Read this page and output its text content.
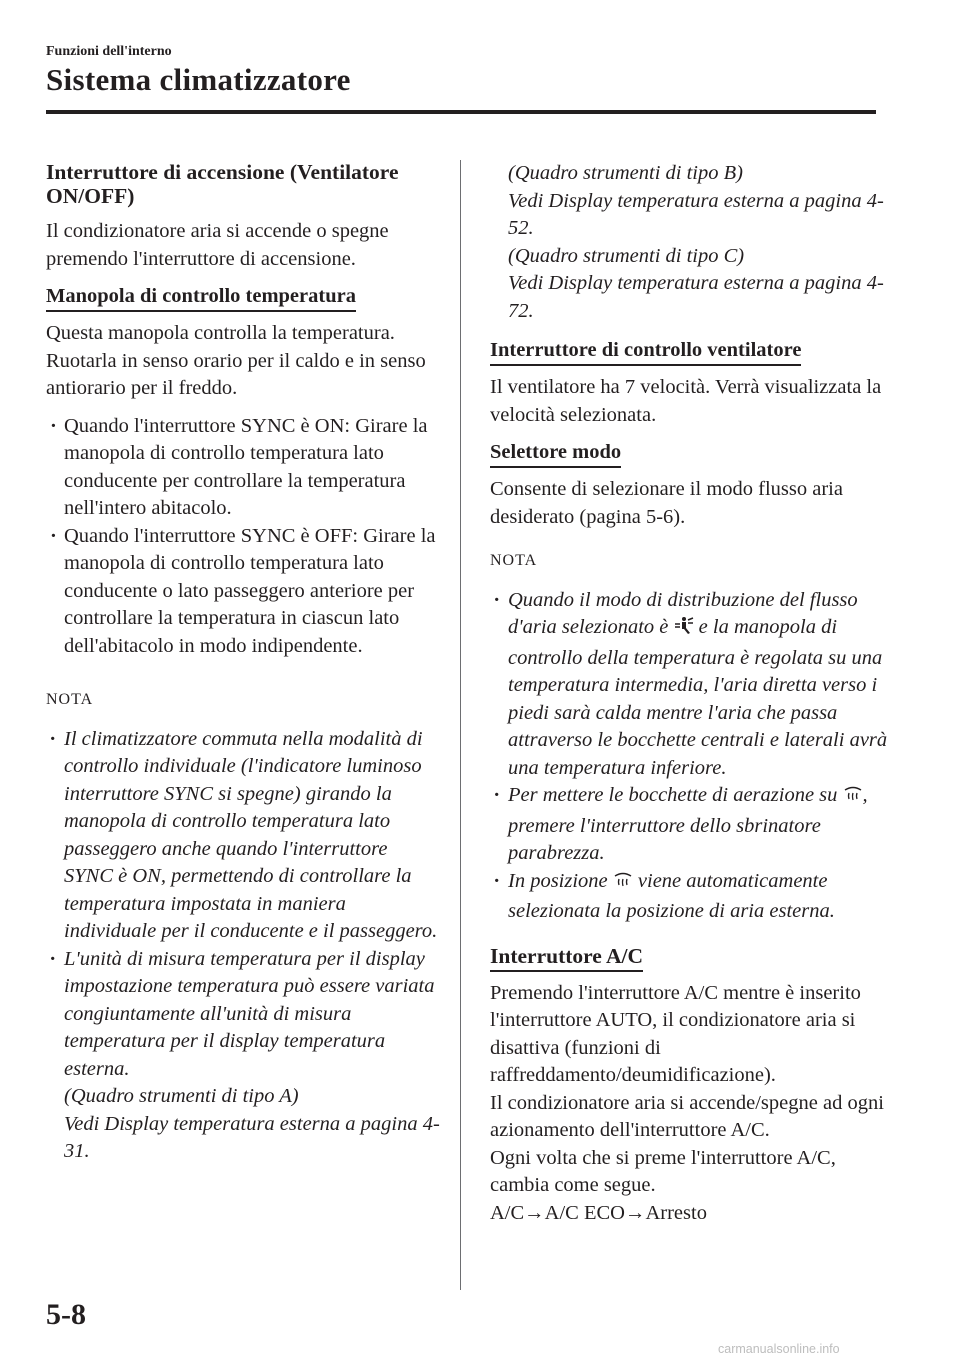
Funzioni dell'interno
Sistema climatizzatore
Interruttore di accensione (Ventilatore ON/OFF)

Il condizionatore aria si accende o spegne premendo l'interruttore di accensione.

Manopola di controllo temperatura

Questa manopola controlla la temperatura. Ruotarla in senso orario per il caldo e in senso antiorario per il freddo.

· Quando l'interruttore SYNC è ON: Girare la manopola di controllo temperatura lato conducente per controllare la temperatura nell'intero abitacolo.
· Quando l'interruttore SYNC è OFF: Girare la manopola di controllo temperatura lato conducente o lato passeggero anteriore per controllare la temperatura in ciascun lato dell'abitacolo in modo indipendente.
NOTA
· Il climatizzatore commuta nella modalità di controllo individuale (l'indicatore luminoso interruttore SYNC si spegne) girando la manopola di controllo temperatura lato passeggero anche quando l'interruttore SYNC è ON, permettendo di controllare la temperatura impostata in maniera individuale per il conducente e il passeggero.
· L'unità di misura temperatura per il display impostazione temperatura può essere variata congiuntamente all'unità di misura temperatura per il display temperatura esterna.
(Quadro strumenti di tipo A)
Vedi Display temperatura esterna a pagina 4-31.
(Quadro strumenti di tipo B)
Vedi Display temperatura esterna a pagina 4-52.
(Quadro strumenti di tipo C)
Vedi Display temperatura esterna a pagina 4-72.
Interruttore di controllo ventilatore

Il ventilatore ha 7 velocità. Verrà visualizzata la velocità selezionata.

Selettore modo

Consente di selezionare il modo flusso aria desiderato (pagina 5-6).

NOTA
· Quando il modo di distribuzione del flusso d'aria selezionato è  e la manopola di controllo della temperatura è regolata su una temperatura intermedia, l'aria diretta verso i piedi sarà calda mentre l'aria che passa attraverso le bocchette centrali e laterali avrà una temperatura inferiore.
· Per mettere le bocchette di aerazione su , premere l'interruttore dello sbrinatore parabrezza.
· In posizione  viene automaticamente selezionata la posizione di aria esterna.
Interruttore A/C
Premendo l'interruttore A/C mentre è inserito l'interruttore AUTO, il condizionatore aria si disattiva (funzioni di raffreddamento/deumidificazione).
Il condizionatore aria si accende/spegne ad ogni azionamento dell'interruttore A/C.
Ogni volta che si preme l'interruttore A/C, cambia come segue.
A/C→A/C ECO→Arresto
5-8
carmanualsonline.info
